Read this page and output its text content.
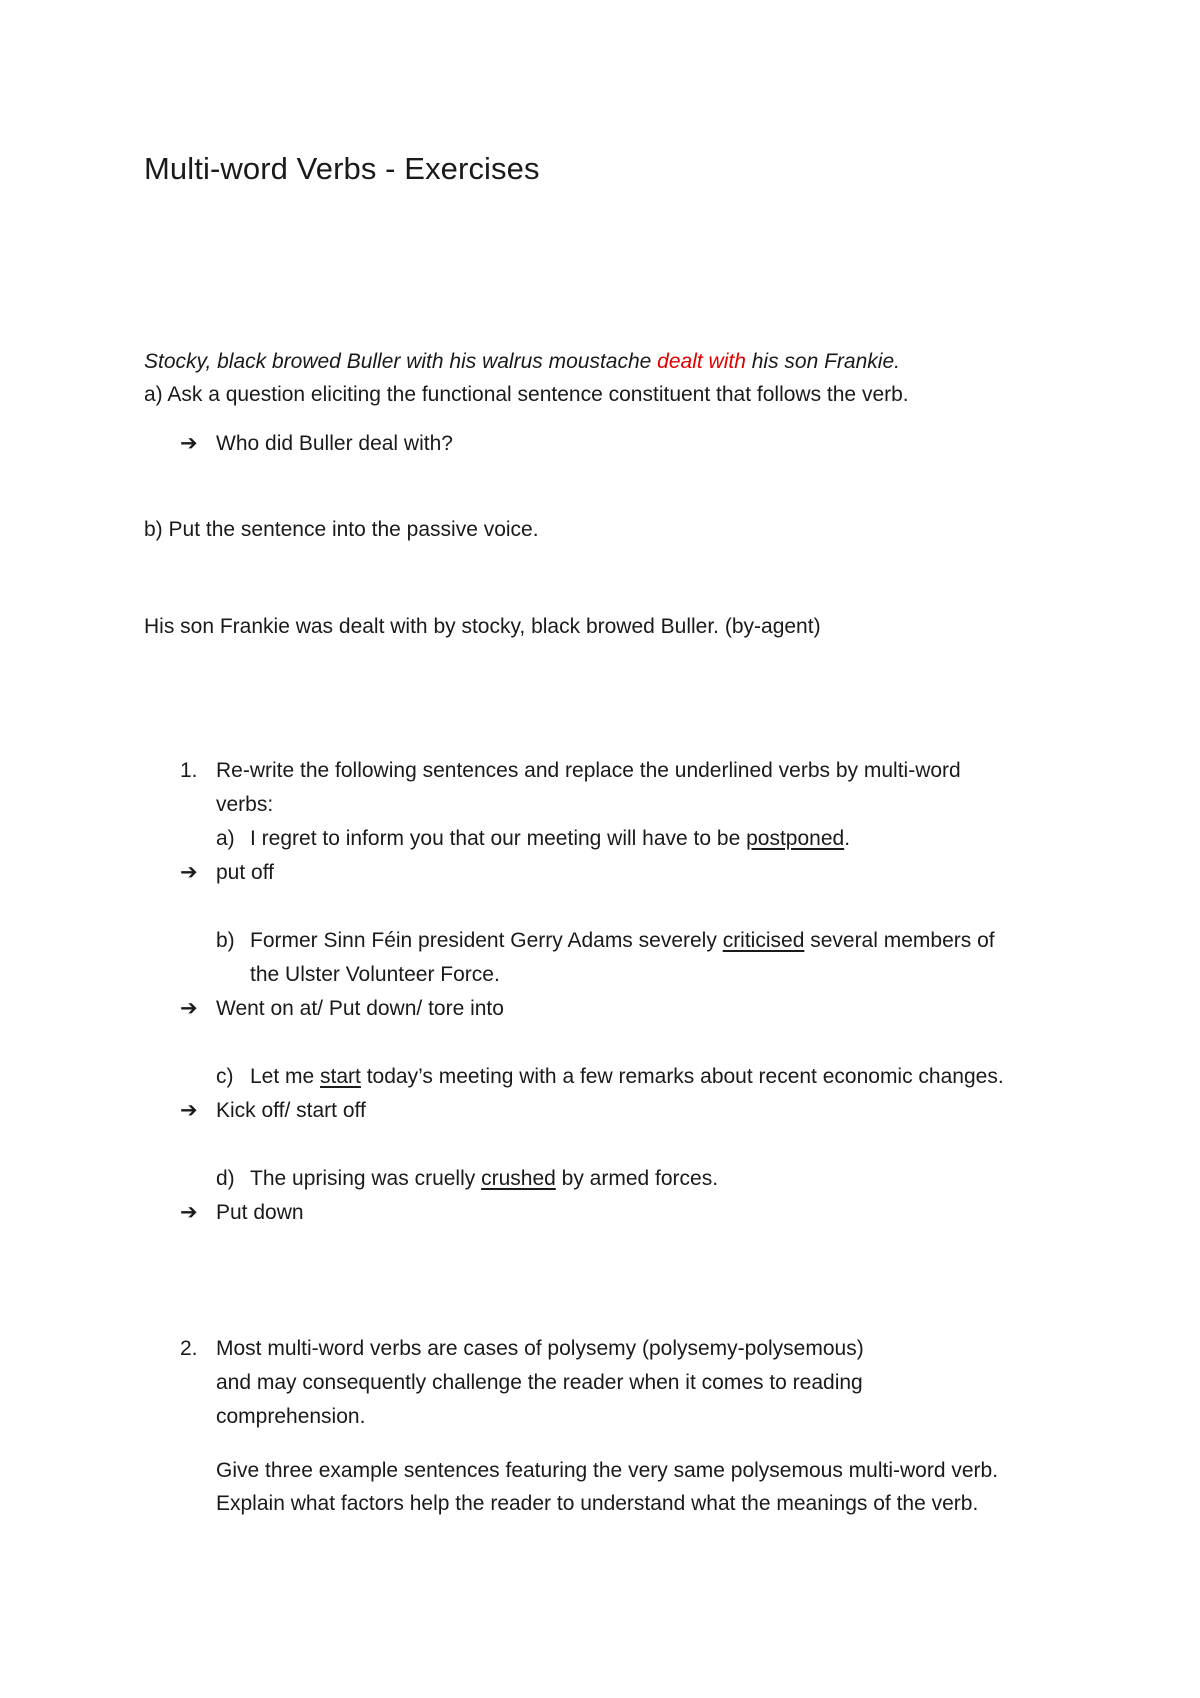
Multi-word Verbs - Exercises
Stocky, black browed Buller with his walrus moustache dealt with his son Frankie.
a) Ask a question eliciting the functional sentence constituent that follows the verb.
➔ Who did Buller deal with?
b) Put the sentence into the passive voice.
His son Frankie was dealt with by stocky, black browed Buller. (by-agent)
1. Re-write the following sentences and replace the underlined verbs by multi-word
verbs:
a) I regret to inform you that our meeting will have to be postponed.
➔ put off
b) Former Sinn Féin president Gerry Adams severely criticised several members of
the Ulster Volunteer Force.
➔ Went on at/ Put down/ tore into
c) Let me start today’s meeting with a few remarks about recent economic changes.
➔ Kick off/ start off
d) The uprising was cruelly crushed by armed forces.
➔ Put down
2. Most multi-word verbs are cases of polysemy (polysemy-polysemous)
and may consequently challenge the reader when it comes to reading
comprehension.
Give three example sentences featuring the very same polysemous multi-word verb.
Explain what factors help the reader to understand what the meanings of the verb.
